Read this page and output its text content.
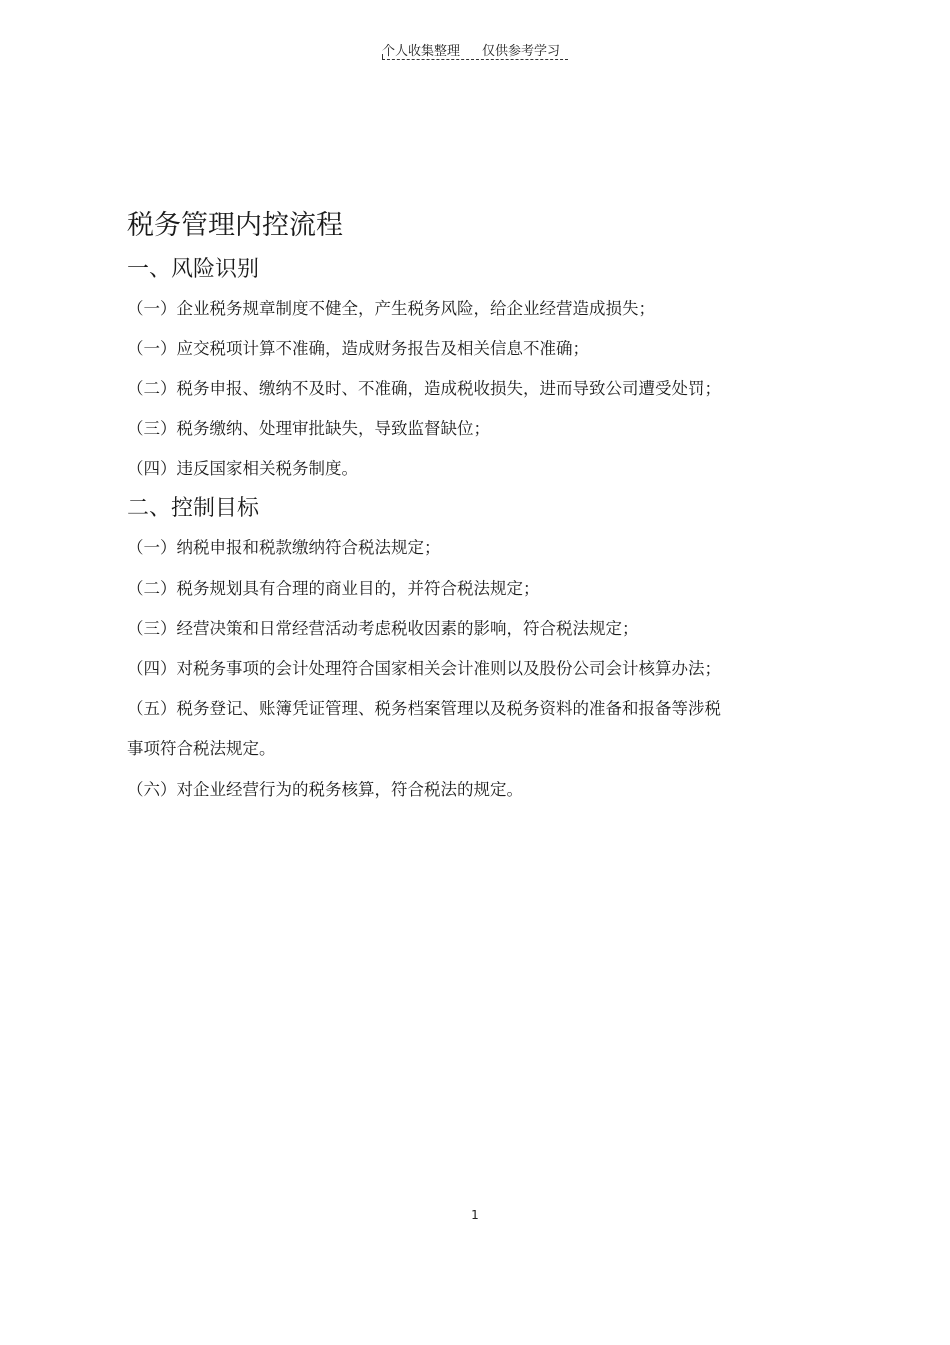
个人收集整理 仅供参考学习
税务管理内控流程
一、风险识别

（一）企业税务规章制度不健全，产生税务风险，给企业经营造成损失；

（一）应交税项计算不准确，造成财务报告及相关信息不准确；

（二）税务申报、缴纳不及时、不准确，造成税收损失，进而导致公司遭受处罚；

（三）税务缴纳、处理审批缺失，导致监督缺位；

（四）违反国家相关税务制度。

二、控制目标

（一）纳税申报和税款缴纳符合税法规定；

（二）税务规划具有合理的商业目的，并符合税法规定；

（三）经营决策和日常经营活动考虑税收因素的影响，符合税法规定；

（四）对税务事项的会计处理符合国家相关会计准则以及股份公司会计核算办法；

（五）税务登记、账簿凭证管理、税务档案管理以及税务资料的准备和报备等涉税

事项符合税法规定。

（六）对企业经营行为的税务核算，符合税法的规定。

1
